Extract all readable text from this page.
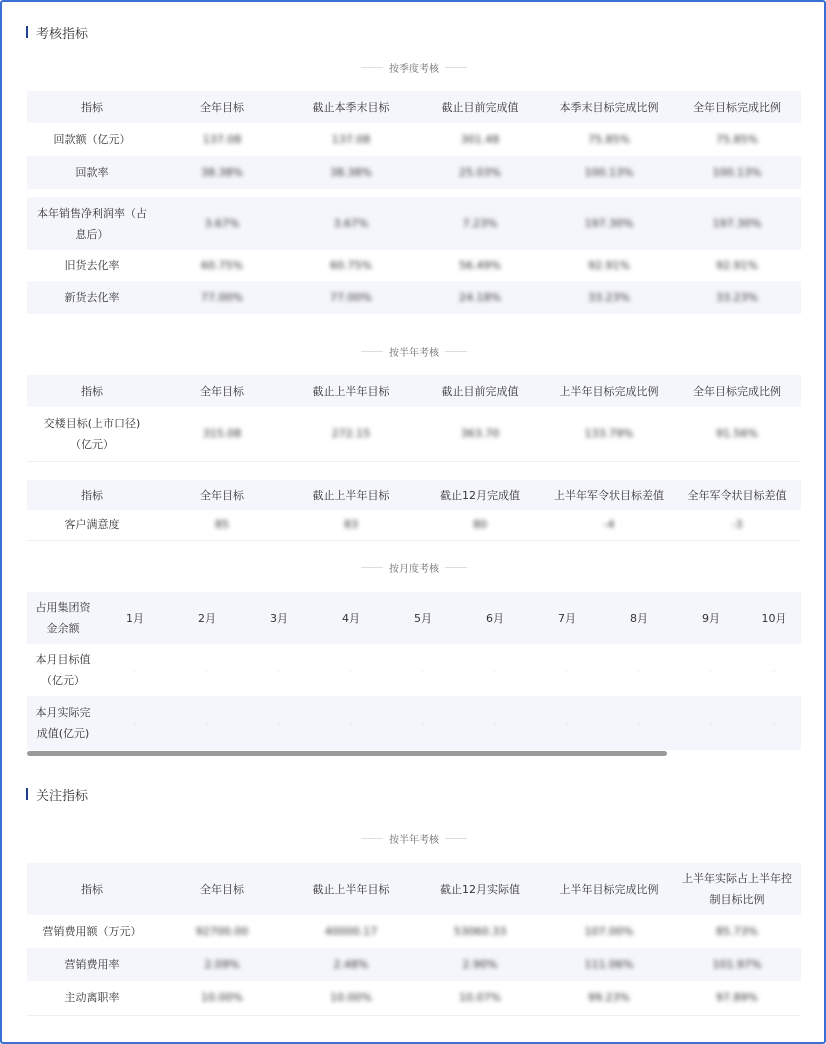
考核指标
按季度考核
指标	全年目标	截止本季末目标	截止目前完成值	本季末目标完成比例	全年目标完成比例
回款额（亿元）	137.08	137.08	301.48	75.85%	75.85%
回款率	38.38%	38.38%	25.03%	100.13%	100.13%

本年销售净利润率（占息后）	3.67%	3.67%	7.23%	197.30%	197.30%
旧货去化率	60.75%	60.75%	56.49%	92.91%	92.91%
新货去化率	77.00%	77.00%	24.18%	33.23%	33.23%
按半年考核
指标	全年目标	截止上半年目标	截止目前完成值	上半年目标完成比例	全年目标完成比例
交楼目标(上市口径)（亿元）	315.08	272.15	363.70	133.79%	91.56%
指标	全年目标	截止上半年目标	截止12月完成值	上半年军令状目标差值	全年军令状目标差值
客户满意度	85	83	80	-4	-3
按月度考核
占用集团资金余额	1月	2月	3月	4月	5月	6月	7月	8月	9月	10月
本月目标值（亿元）	-	-	-	-	-	-	-	-	-	-
本月实际完成值(亿元)	-	-	-	-	-	-	-	-	-	-
关注指标
按半年考核
指标	全年目标	截止上半年目标	截止12月实际值	上半年目标完成比例	上半年实际占上半年控制目标比例
营销费用额（万元）	92700.00	40000.17	53060.33	107.00%	85.73%
营销费用率	2.09%	2.48%	2.90%	111.06%	101.97%
主动离职率	10.00%	10.00%	10.07%	99.23%	97.89%
